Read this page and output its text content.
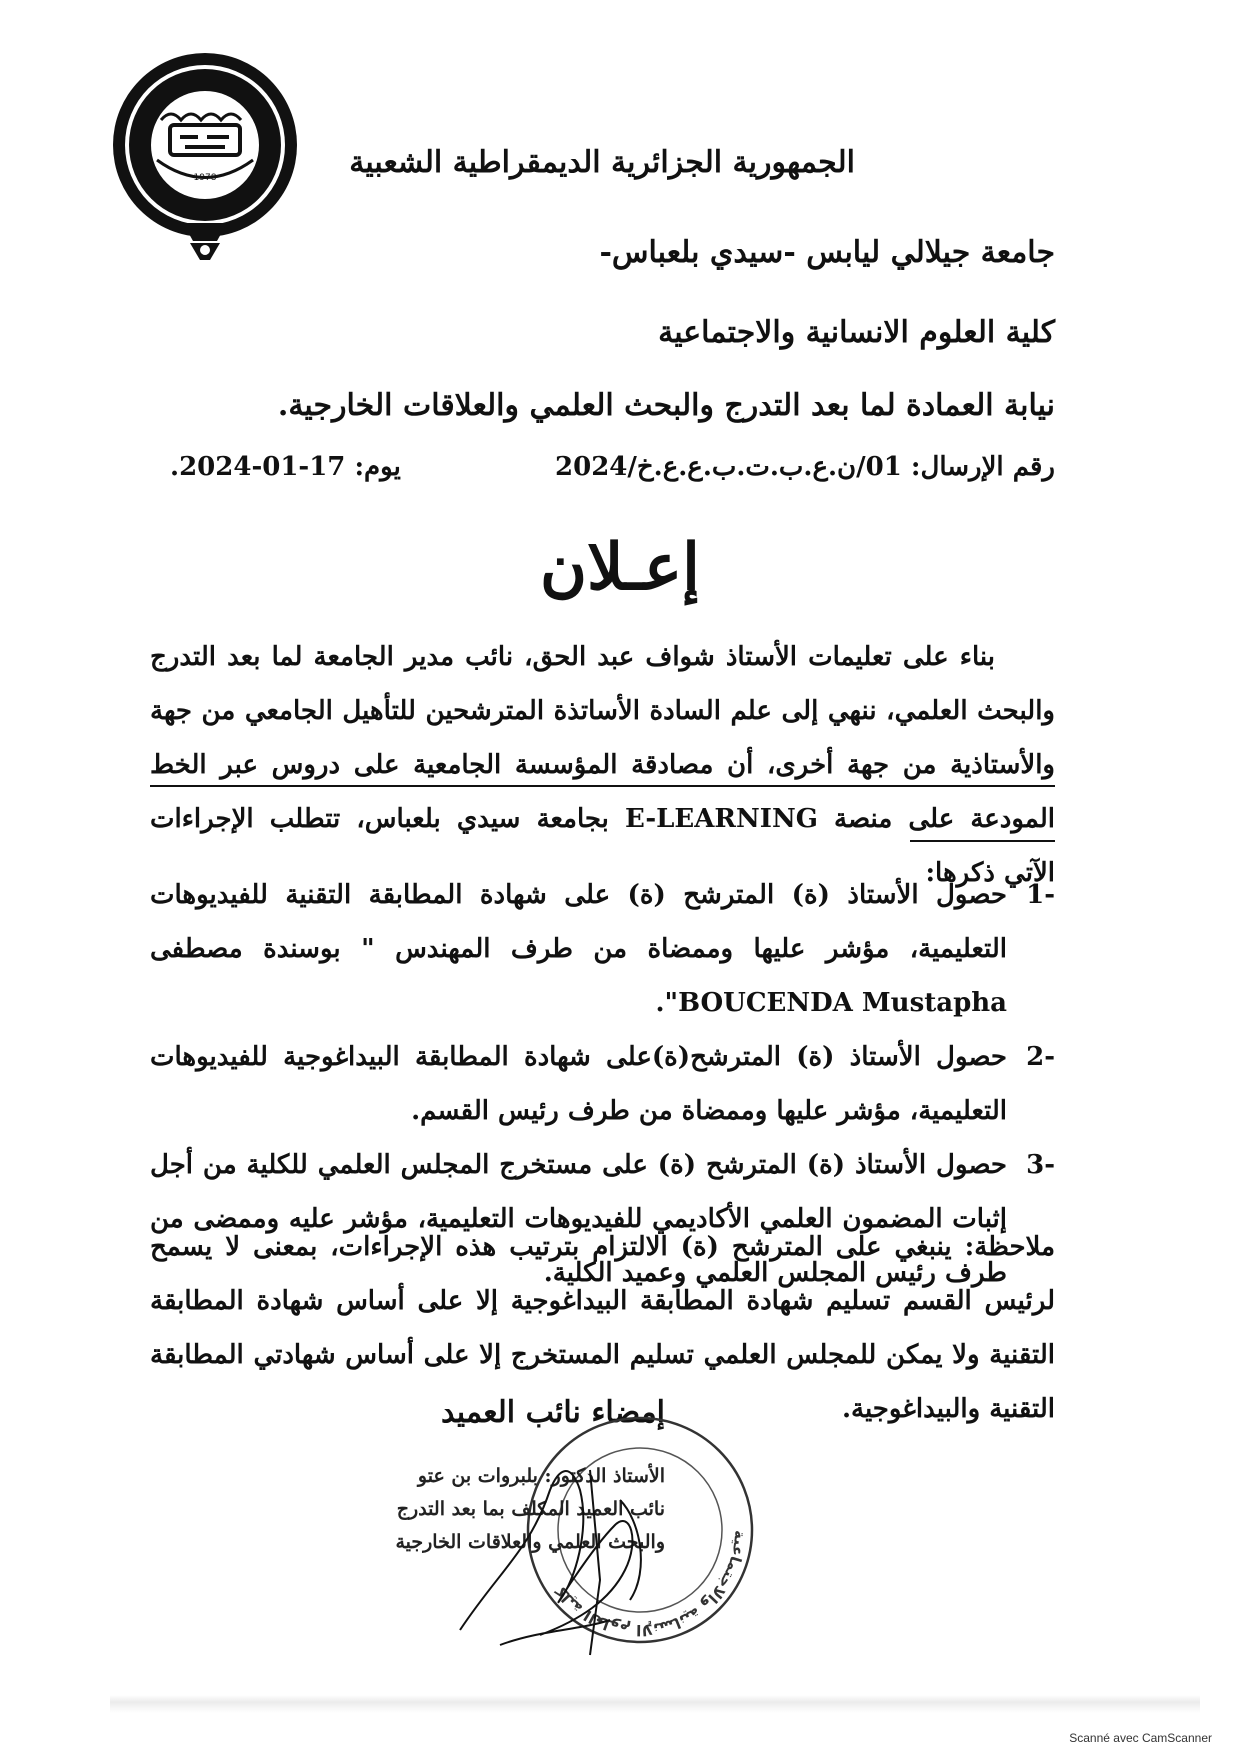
1978	الجمهورية الجزائرية الديمقراطية الشعبية
جامعة جيلالي ليابس -سيدي بلعباس-
كلية العلوم الانسانية والاجتماعية
نيابة العمادة لما بعد التدرج والبحث العلمي والعلاقات الخارجية.
رقم الإرسال: 01/ن.ع.ب.ت.ب.ع.ع.خ/2024
يوم: 17-01-2024.
إعـلان

بناء على تعليمات الأستاذ شواف عبد الحق، نائب مدير الجامعة لما بعد التدرج والبحث العلمي، ننهي إلى علم السادة الأساتذة المترشحين للتأهيل الجامعي من جهة والأستاذية من جهة أخرى، أن مصادقة المؤسسة الجامعية على دروس عبر الخط المودعة على منصة E-LEARNING بجامعة سيدي بلعباس، تتطلب الإجراءات الآتي ذكرها:

-1
حصول الأستاذ (ة) المترشح (ة) على شهادة المطابقة التقنية للفيديوهات التعليمية، مؤشر عليها وممضاة من طرف المهندس " بوسندة مصطفى BOUCENDA Mustapha".
-2
حصول الأستاذ (ة) المترشح(ة)على شهادة المطابقة البيداغوجية للفيديوهات التعليمية، مؤشر عليها وممضاة من طرف رئيس القسم.
-3
حصول الأستاذ (ة) المترشح (ة) على مستخرج المجلس العلمي للكلية من أجل إثبات المضمون العلمي الأكاديمي للفيديوهات التعليمية، مؤشر عليه وممضى من طرف رئيس المجلس العلمي وعميد الكلية.
ملاحظة: ينبغي على المترشح (ة) الالتزام بترتيب هذه الإجراءات، بمعنى لا يسمح لرئيس القسم تسليم شهادة المطابقة البيداغوجية إلا على أساس شهادة المطابقة التقنية ولا يمكن للمجلس العلمي تسليم المستخرج إلا على أساس شهادتي المطابقة التقنية والبيداغوجية.
إمضاء نائب العميد
كلية العلوم الإنسانية والاجتماعية
الأستاذ الدكتور: بلبروات بن عتو
نائب العميد المكلف بما بعد التدرج
والبحث العلمي والعلاقات الخارجية
Scanné avec CamScanner
